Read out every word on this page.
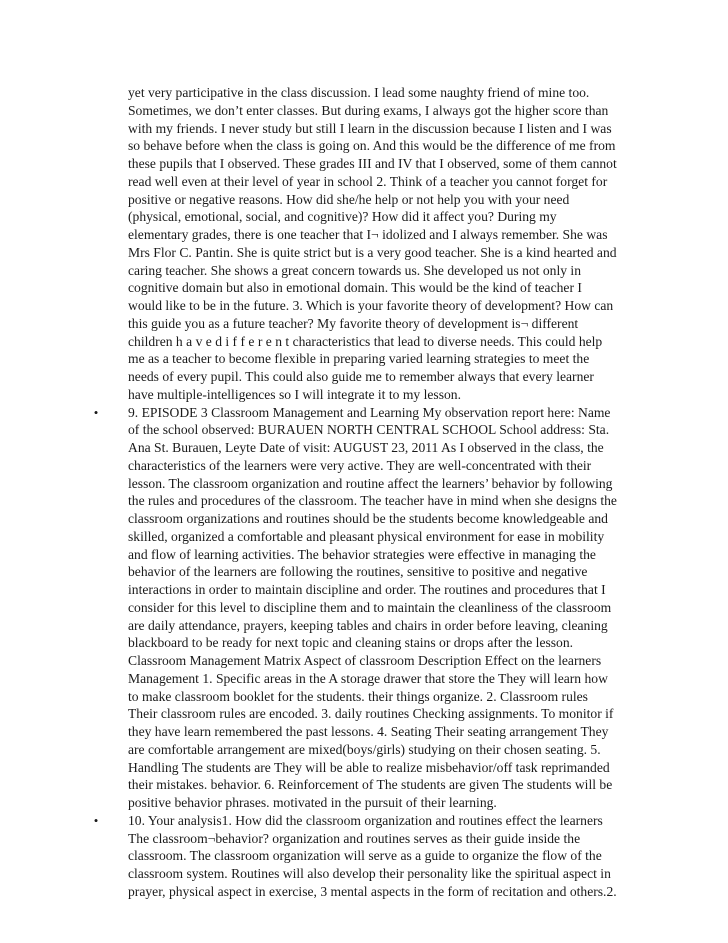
yet very participative in the class discussion. I lead some naughty friend of mine too.
Sometimes, we don’t enter classes. But during exams, I always got the higher score than
with my friends. I never study but still I learn in the discussion because I listen and I was
so behave before when the class is going on. And this would be the difference of me from
these pupils that I observed. These grades III and IV that I observed, some of them cannot
read well even at their level of year in school 2. Think of a teacher you cannot forget for
positive or negative reasons. How did she/he help or not help you with your need
(physical, emotional, social, and cognitive)? How did it affect you? During my
elementary grades, there is one teacher that I¬ idolized and I always remember. She was
Mrs Flor C. Pantin. She is quite strict but is a very good teacher. She is a kind hearted and
caring teacher. She shows a great concern towards us. She developed us not only in
cognitive domain but also in emotional domain. This would be the kind of teacher I
would like to be in the future. 3. Which is your favorite theory of development? How can
this guide you as a future teacher? My favorite theory of development is¬ different
children h a v e d i f f e r e n t characteristics that lead to diverse needs. This could help
me as a teacher to become flexible in preparing varied learning strategies to meet the
needs of every pupil. This could also guide me to remember always that every learner
have multiple-intelligences so I will integrate it to my lesson.
• 9. EPISODE 3 Classroom Management and Learning My observation report here: Name
of the school observed: BURAUEN NORTH CENTRAL SCHOOL School address: Sta.
Ana St. Burauen, Leyte Date of visit: AUGUST 23, 2011 As I observed in the class, the
characteristics of the learners were very active. They are well-concentrated with their
lesson. The classroom organization and routine affect the learners’ behavior by following
the rules and procedures of the classroom. The teacher have in mind when she designs the
classroom organizations and routines should be the students become knowledgeable and
skilled, organized a comfortable and pleasant physical environment for ease in mobility
and flow of learning activities. The behavior strategies were effective in managing the
behavior of the learners are following the routines, sensitive to positive and negative
interactions in order to maintain discipline and order. The routines and procedures that I
consider for this level to discipline them and to maintain the cleanliness of the classroom
are daily attendance, prayers, keeping tables and chairs in order before leaving, cleaning
blackboard to be ready for next topic and cleaning stains or drops after the lesson.
Classroom Management Matrix Aspect of classroom Description Effect on the learners
Management 1. Specific areas in the A storage drawer that store the They will learn how
to make classroom booklet for the students. their things organize. 2. Classroom rules
Their classroom rules are encoded. 3. daily routines Checking assignments. To monitor if
they have learn remembered the past lessons. 4. Seating Their seating arrangement They
are comfortable arrangement are mixed(boys/girls) studying on their chosen seating. 5.
Handling The students are They will be able to realize misbehavior/off task reprimanded
their mistakes. behavior. 6. Reinforcement of The students are given The students will be
positive behavior phrases. motivated in the pursuit of their learning.
• 10. Your analysis1. How did the classroom organization and routines effect the learners
The classroom¬behavior? organization and routines serves as their guide inside the
classroom. The classroom organization will serve as a guide to organize the flow of the
classroom system. Routines will also develop their personality like the spiritual aspect in
prayer, physical aspect in exercise, 3 mental aspects in the form of recitation and others.2.
